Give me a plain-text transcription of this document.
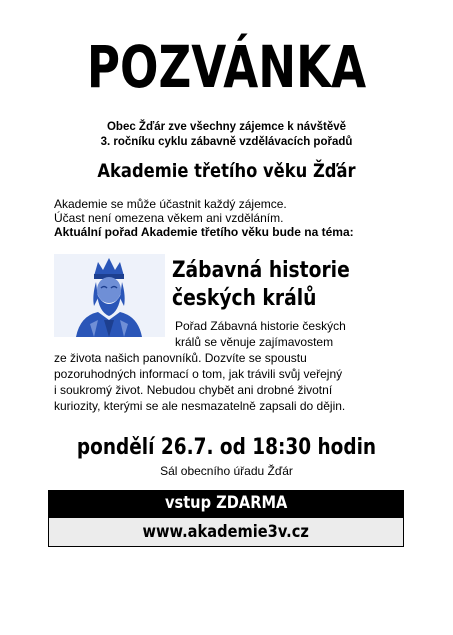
POZVÁNKA
Obec Žďár zve všechny zájemce k návštěvě
3. ročníku cyklu zábavně vzdělávacích pořadů
Akademie třetího věku Žďár
Akademie se může účastnit každý zájemce.
Účast není omezena věkem ani vzděláním.
Aktuální pořad Akademie třetího věku bude na téma:
Zábavná historie
českých králů
Pořad Zábavná historie českých
králů se věnuje zajímavostem
ze života našich panovníků. Dozvíte se spoustu
pozoruhodných informací o tom, jak trávili svůj veřejný
i soukromý život. Nebudou chybět ani drobné životní
kuriozity, kterými se ale nesmazatelně zapsali do dějin.
pondělí 26.7. od 18:30 hodin
Sál obecního úřadu Žďár
vstup ZDARMA
www.akademie3v.cz
